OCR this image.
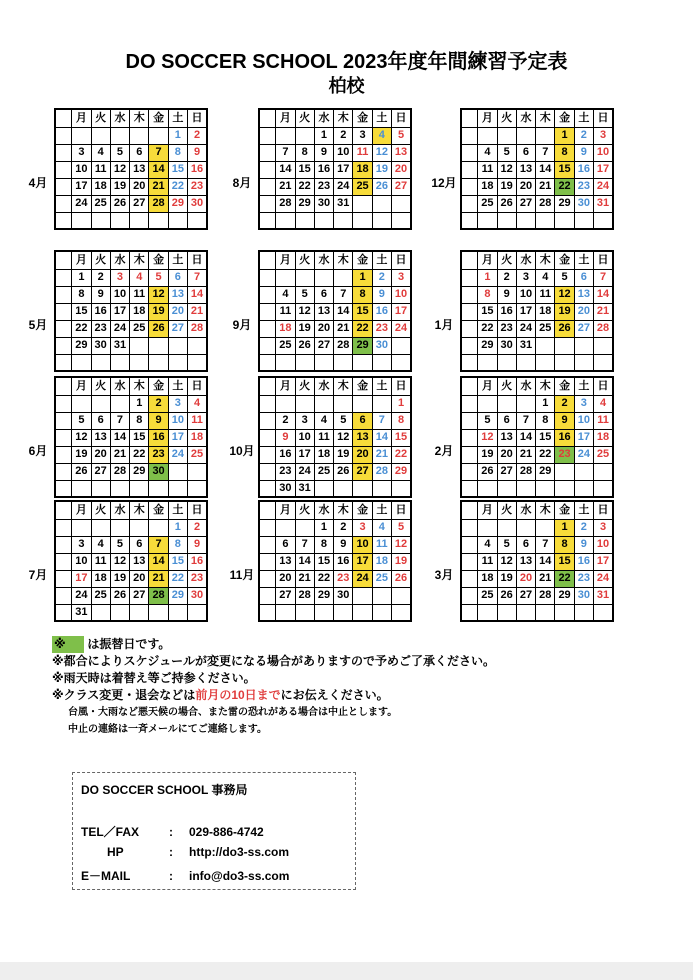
DO SOCCER SCHOOL 2023年度年間練習予定表
柏校
4月
	月	火	水	木	金	土	日
						1	2
	3	4	5	6	7	8	9
	10	11	12	13	14	15	16
	17	18	19	20	21	22	23
	24	25	26	27	28	29	30

5月
	月	火	水	木	金	土	日
	1	2	3	4	5	6	7
	8	9	10	11	12	13	14
	15	16	17	18	19	20	21
	22	23	24	25	26	27	28
	29	30	31				

6月
	月	火	水	木	金	土	日
				1	2	3	4
	5	6	7	8	9	10	11
	12	13	14	15	16	17	18
	19	20	21	22	23	24	25
	26	27	28	29	30		

7月
	月	火	水	木	金	土	日
						1	2
	3	4	5	6	7	8	9
	10	11	12	13	14	15	16
	17	18	19	20	21	22	23
	24	25	26	27	28	29	30
	31						
8月
	月	火	水	木	金	土	日
			1	2	3	4	5
	7	8	9	10	11	12	13
	14	15	16	17	18	19	20
	21	22	23	24	25	26	27
	28	29	30	31			

9月
	月	火	水	木	金	土	日
					1	2	3
	4	5	6	7	8	9	10
	11	12	13	14	15	16	17
	18	19	20	21	22	23	24
	25	26	27	28	29	30	

10月
	月	火	水	木	金	土	日
							1
	2	3	4	5	6	7	8
	9	10	11	12	13	14	15
	16	17	18	19	20	21	22
	23	24	25	26	27	28	29
	30	31					
11月
	月	火	水	木	金	土	日
			1	2	3	4	5
	6	7	8	9	10	11	12
	13	14	15	16	17	18	19
	20	21	22	23	24	25	26
	27	28	29	30			

12月
	月	火	水	木	金	土	日
					1	2	3
	4	5	6	7	8	9	10
	11	12	13	14	15	16	17
	18	19	20	21	22	23	24
	25	26	27	28	29	30	31

1月
	月	火	水	木	金	土	日
	1	2	3	4	5	6	7
	8	9	10	11	12	13	14
	15	16	17	18	19	20	21
	22	23	24	25	26	27	28
	29	30	31				

2月
	月	火	水	木	金	土	日
				1	2	3	4
	5	6	7	8	9	10	11
	12	13	14	15	16	17	18
	19	20	21	22	23	24	25
	26	27	28	29			

3月
	月	火	水	木	金	土	日
					1	2	3
	4	5	6	7	8	9	10
	11	12	13	14	15	16	17
	18	19	20	21	22	23	24
	25	26	27	28	29	30	31

※ は振替日です。
※都合によりスケジュールが変更になる場合がありますので予めご了承ください。
※雨天時は着替え等ご持参ください。
※クラス変更・退会などは前月の10日までにお伝えください。
台風・大雨など悪天候の場合、また雷の恐れがある場合は中止とします。
中止の連絡は一斉メールにてご連絡します。
DO SOCCER SCHOOL 事務局
TEL／FAX : 029-886-4742
HP	: http://do3-ss.com
E－MAIL	: info@do3-ss.com
